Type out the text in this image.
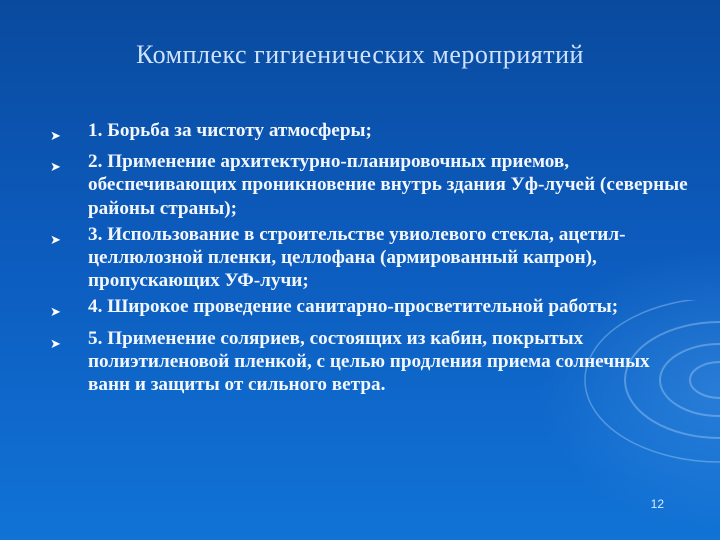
Комплекс гигиенических мероприятий
➤	1. Борьба за чистоту атмосферы;
➤	2. Применение архитектурно-планировочных приемов, обеспечивающих проникновение внутрь здания Уф-лучей (северные районы страны);
➤	3. Использование в строительстве увиолевого стекла, ацетил-целлюлозной пленки, целлофана (армированный капрон), пропускающих УФ-лучи;
➤	4. Широкое проведение санитарно-просветительной работы;
➤	5. Применение соляриев, состоящих из кабин, покрытых полиэтиленовой пленкой, с целью продления приема солнечных ванн и защиты от сильного ветра.
12
